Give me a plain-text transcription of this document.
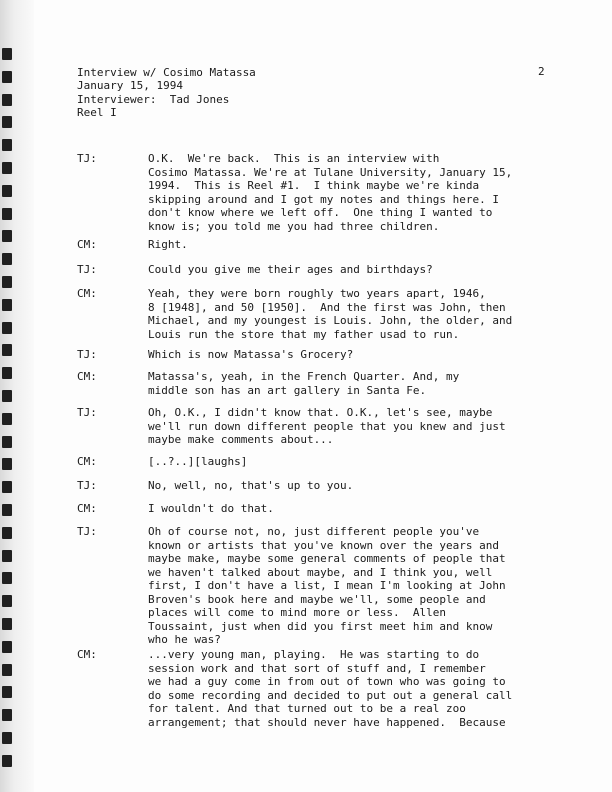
Interview w/ Cosimo Matassa
January 15, 1994
Interviewer:  Tad Jones
Reel I
2
TJ:	O.K.  We're back.  This is an interview with
Cosimo Matassa. We're at Tulane University, January 15,
1994.  This is Reel #1.  I think maybe we're kinda
skipping around and I got my notes and things here. I
don't know where we left off.  One thing I wanted to
know is; you told me you had three children.
CM:	Right.
TJ:	Could you give me their ages and birthdays?
CM:	Yeah, they were born roughly two years apart, 1946,
8 [1948], and 50 [1950].  And the first was John, then
Michael, and my youngest is Louis. John, the older, and
Louis run the store that my father usad to run.
TJ:	Which is now Matassa's Grocery?
CM:	Matassa's, yeah, in the French Quarter. And, my
middle son has an art gallery in Santa Fe.
TJ:	Oh, O.K., I didn't know that. O.K., let's see, maybe
we'll run down different people that you knew and just
maybe make comments about...
CM:	[..?..][laughs]
TJ:	No, well, no, that's up to you.
CM:	I wouldn't do that.
TJ:	Oh of course not, no, just different people you've
known or artists that you've known over the years and
maybe make, maybe some general comments of people that
we haven't talked about maybe, and I think you, well
first, I don't have a list, I mean I'm looking at John
Broven's book here and maybe we'll, some people and
places will come to mind more or less.  Allen
Toussaint, just when did you first meet him and know
who he was?
CM:	...very young man, playing.  He was starting to do
session work and that sort of stuff and, I remember
we had a guy come in from out of town who was going to
do some recording and decided to put out a general call
for talent. And that turned out to be a real zoo
arrangement; that should never have happened.  Because
